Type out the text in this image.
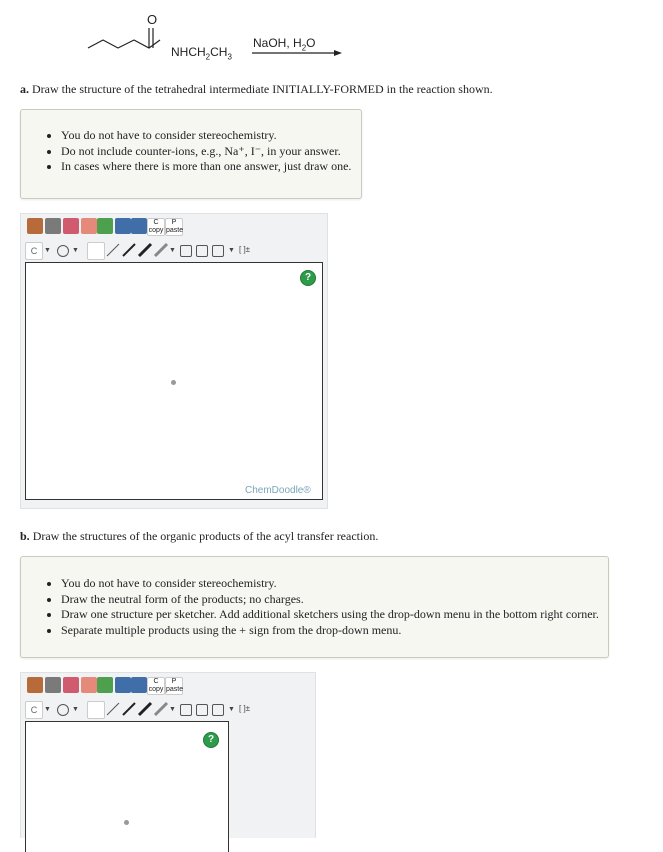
O
$NHCH_2CH_3$
NaOH, $H_2O$
a. Draw the structure of the tetrahedral intermediate INITIALLY-FORMED in the reaction shown.
• You do not have to consider stereochemistry.
• Do not include counter-ions, e.g., Na⁺, I⁻, in your answer.
• In cases where there is more than one answer, just draw one.
C
copy
P
paste
C ▼	▼	▼	▼ [ ]±
?
ChemDoodle®
b. Draw the structures of the organic products of the acyl transfer reaction.
• You do not have to consider stereochemistry.
• Draw the neutral form of the products; no charges.
• Draw one structure per sketcher. Add additional sketchers using the drop-down menu in the bottom right corner.
• Separate multiple products using the + sign from the drop-down menu.
C
copy
P
paste
C ▼	▼	▼	▼ [ ]±
?
